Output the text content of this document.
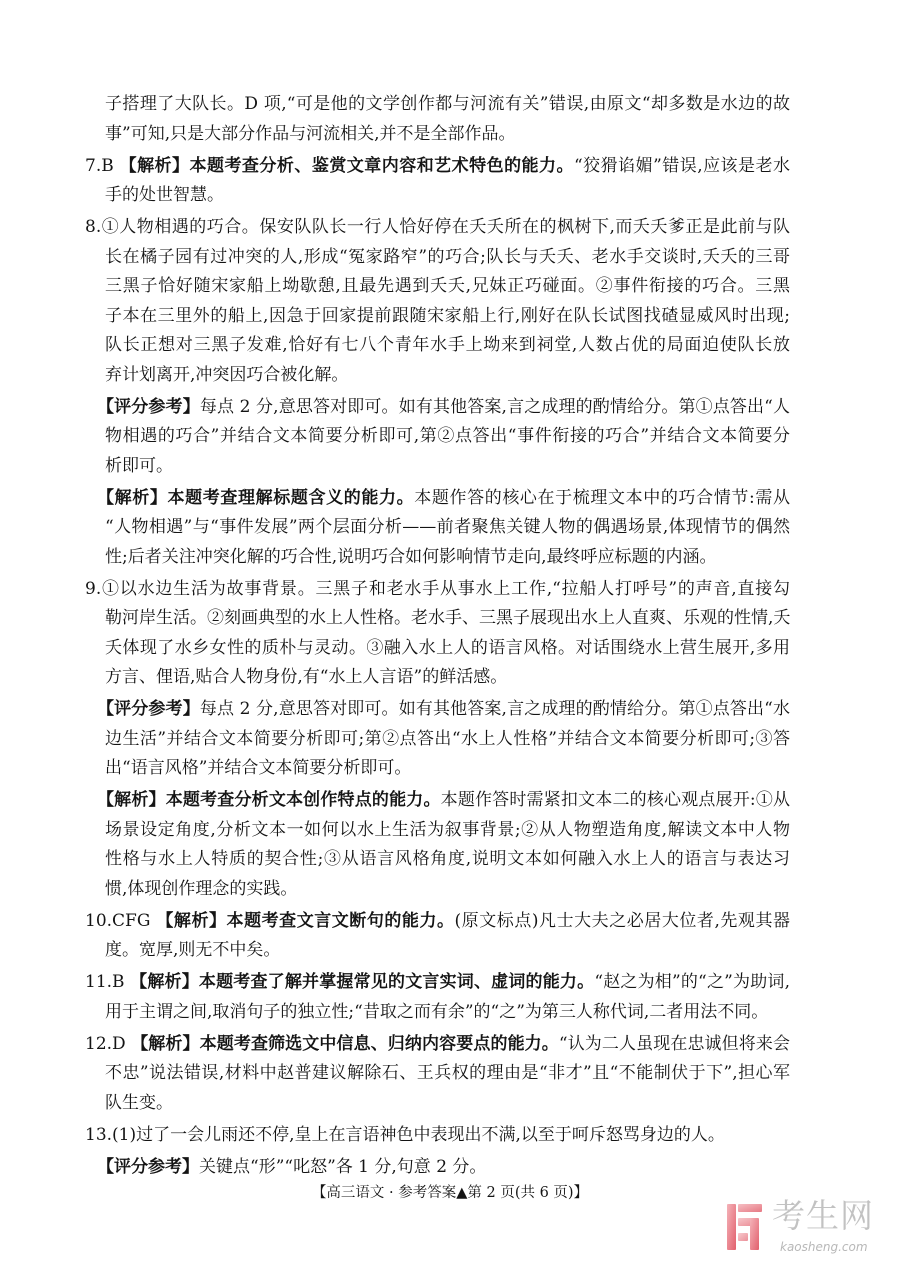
子搭理了大队长。D 项,“可是他的文学创作都与河流有关”错误,由原文“却多数是水边的故
事”可知,只是大部分作品与河流相关,并不是全部作品。
7.B 【解析】本题考查分析、鉴赏文章内容和艺术特色的能力。“狡猾谄媚”错误,应该是老水
手的处世智慧。
8.①人物相遇的巧合。保安队队长一行人恰好停在夭夭所在的枫树下,而夭夭爹正是此前与队
长在橘子园有过冲突的人,形成“冤家路窄”的巧合;队长与夭夭、老水手交谈时,夭夭的三哥
三黑子恰好随宋家船上坳歇憩,且最先遇到夭夭,兄妹正巧碰面。②事件衔接的巧合。三黑
子本在三里外的船上,因急于回家提前跟随宋家船上行,刚好在队长试图找碴显威风时出现;
队长正想对三黑子发难,恰好有七八个青年水手上坳来到祠堂,人数占优的局面迫使队长放
弃计划离开,冲突因巧合被化解。
【评分参考】每点 2 分,意思答对即可。如有其他答案,言之成理的酌情给分。第①点答出“人
物相遇的巧合”并结合文本简要分析即可,第②点答出“事件衔接的巧合”并结合文本简要分
析即可。
【解析】本题考查理解标题含义的能力。本题作答的核心在于梳理文本中的巧合情节:需从
“人物相遇”与“事件发展”两个层面分析——前者聚焦关键人物的偶遇场景,体现情节的偶然
性;后者关注冲突化解的巧合性,说明巧合如何影响情节走向,最终呼应标题的内涵。
9.①以水边生活为故事背景。三黑子和老水手从事水上工作,“拉船人打呼号”的声音,直接勾
勒河岸生活。②刻画典型的水上人性格。老水手、三黑子展现出水上人直爽、乐观的性情,夭
夭体现了水乡女性的质朴与灵动。③融入水上人的语言风格。对话围绕水上营生展开,多用
方言、俚语,贴合人物身份,有“水上人言语”的鲜活感。
【评分参考】每点 2 分,意思答对即可。如有其他答案,言之成理的酌情给分。第①点答出“水
边生活”并结合文本简要分析即可;第②点答出“水上人性格”并结合文本简要分析即可;③答
出“语言风格”并结合文本简要分析即可。
【解析】本题考查分析文本创作特点的能力。本题作答时需紧扣文本二的核心观点展开:①从
场景设定角度,分析文本一如何以水上生活为叙事背景;②从人物塑造角度,解读文本中人物
性格与水上人特质的契合性;③从语言风格角度,说明文本如何融入水上人的语言与表达习
惯,体现创作理念的实践。
10.CFG 【解析】本题考查文言文断句的能力。(原文标点)凡士大夫之必居大位者,先观其器
度。宽厚,则无不中矣。
11.B 【解析】本题考查了解并掌握常见的文言实词、虚词的能力。“赵之为相”的“之”为助词,
用于主谓之间,取消句子的独立性;“昔取之而有余”的“之”为第三人称代词,二者用法不同。
12.D 【解析】本题考查筛选文中信息、归纳内容要点的能力。“认为二人虽现在忠诚但将来会
不忠”说法错误,材料中赵普建议解除石、王兵权的理由是“非才”且“不能制伏于下”,担心军
队生变。
13.(1)过了一会儿雨还不停,皇上在言语神色中表现出不满,以至于呵斥怒骂身边的人。
【评分参考】关键点“形”“叱怒”各 1 分,句意 2 分。
【高三语文 · 参考答案▲第 2 页(共 6 页)】
考生网
kaosheng.com
